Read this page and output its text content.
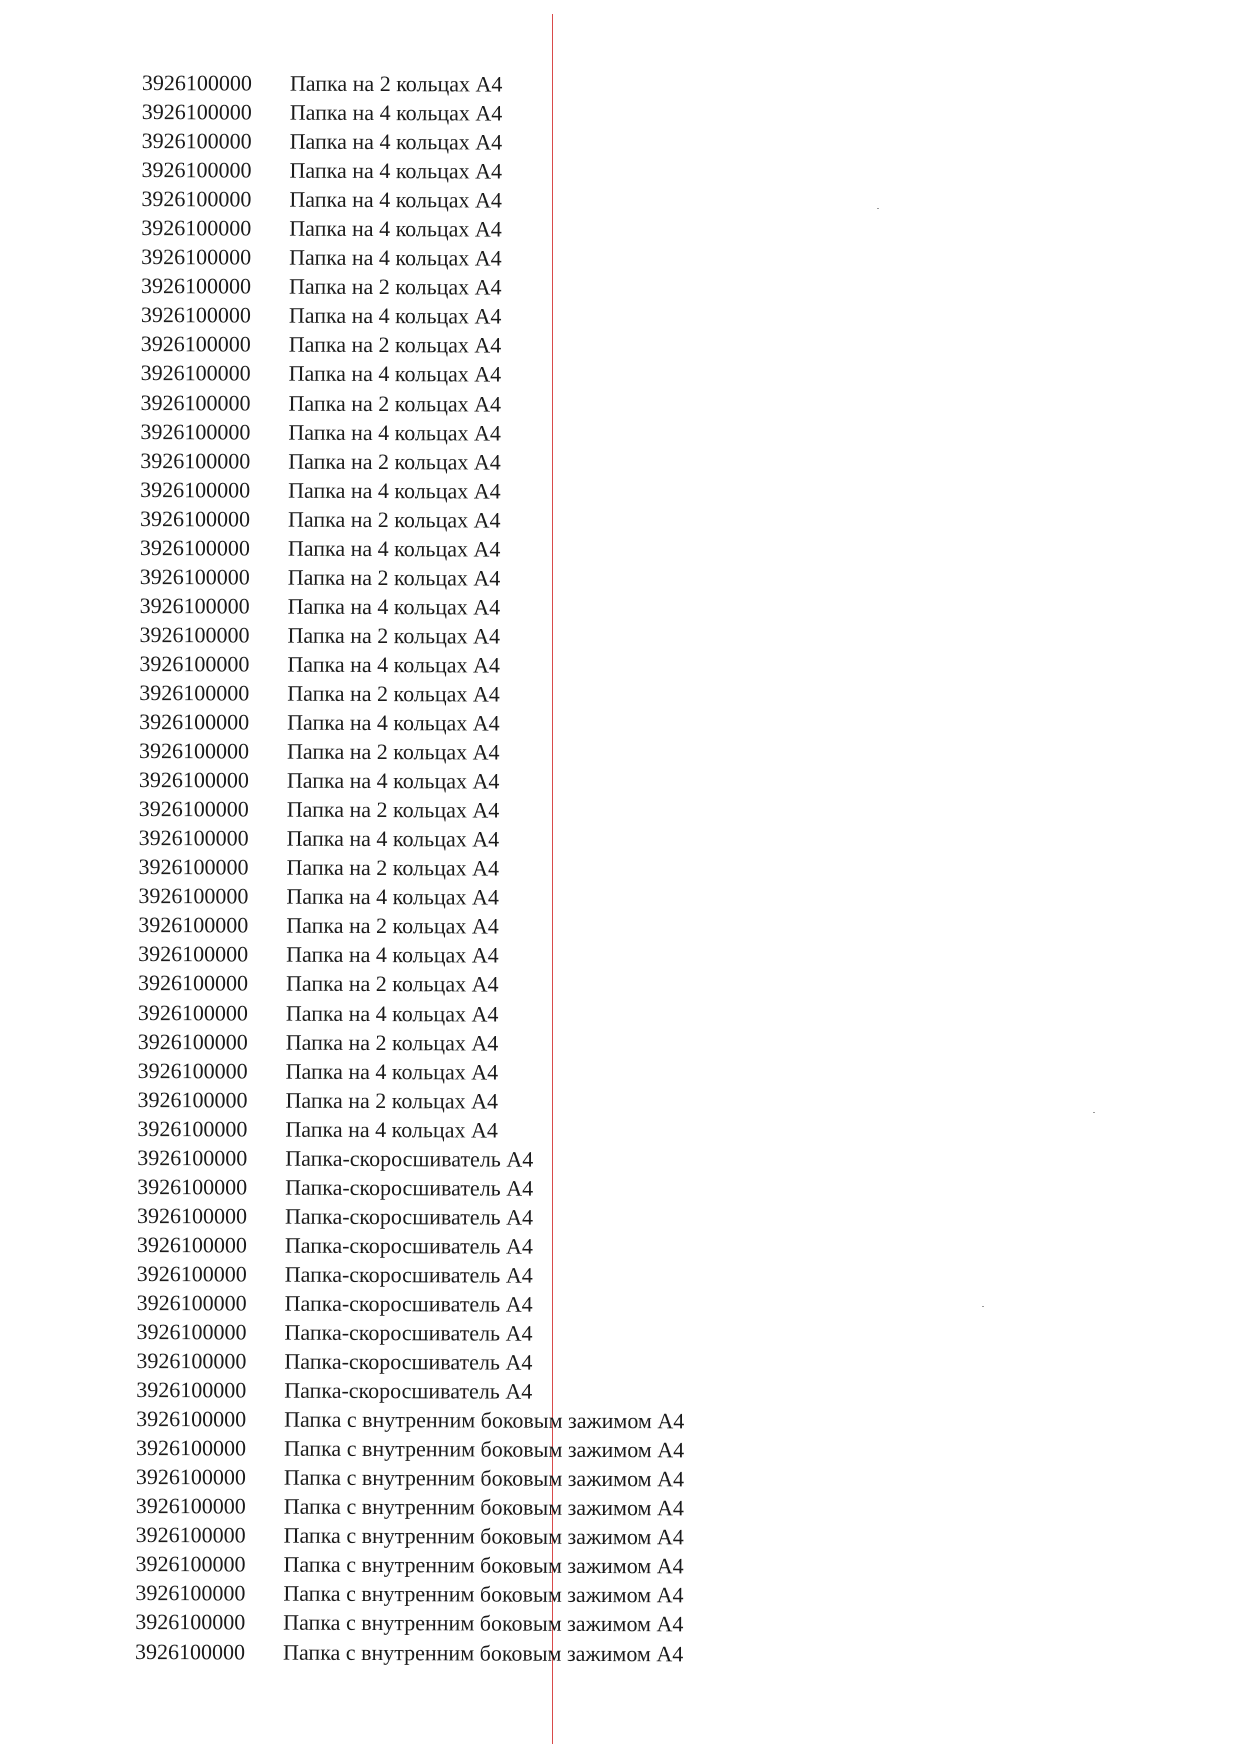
3926100000 Папка на 2 кольцах А4
3926100000 Папка на 4 кольцах А4
3926100000 Папка на 4 кольцах А4
3926100000 Папка на 4 кольцах А4
3926100000 Папка на 4 кольцах А4
3926100000 Папка на 4 кольцах А4
3926100000 Папка на 4 кольцах А4
3926100000 Папка на 2 кольцах А4
3926100000 Папка на 4 кольцах А4
3926100000 Папка на 2 кольцах А4
3926100000 Папка на 4 кольцах А4
3926100000 Папка на 2 кольцах А4
3926100000 Папка на 4 кольцах А4
3926100000 Папка на 2 кольцах А4
3926100000 Папка на 4 кольцах А4
3926100000 Папка на 2 кольцах А4
3926100000 Папка на 4 кольцах А4
3926100000 Папка на 2 кольцах А4
3926100000 Папка на 4 кольцах А4
3926100000 Папка на 2 кольцах А4
3926100000 Папка на 4 кольцах А4
3926100000 Папка на 2 кольцах А4
3926100000 Папка на 4 кольцах А4
3926100000 Папка на 2 кольцах А4
3926100000 Папка на 4 кольцах А4
3926100000 Папка на 2 кольцах А4
3926100000 Папка на 4 кольцах А4
3926100000 Папка на 2 кольцах А4
3926100000 Папка на 4 кольцах А4
3926100000 Папка на 2 кольцах А4
3926100000 Папка на 4 кольцах А4
3926100000 Папка на 2 кольцах А4
3926100000 Папка на 4 кольцах А4
3926100000 Папка на 2 кольцах А4
3926100000 Папка на 4 кольцах А4
3926100000 Папка на 2 кольцах А4
3926100000 Папка на 4 кольцах А4
3926100000 Папка-скоросшиватель А4
3926100000 Папка-скоросшиватель А4
3926100000 Папка-скоросшиватель А4
3926100000 Папка-скоросшиватель А4
3926100000 Папка-скоросшиватель А4
3926100000 Папка-скоросшиватель А4
3926100000 Папка-скоросшиватель А4
3926100000 Папка-скоросшиватель А4
3926100000 Папка-скоросшиватель А4
3926100000 Папка с внутренним боковым зажимом А4
3926100000 Папка с внутренним боковым зажимом А4
3926100000 Папка с внутренним боковым зажимом А4
3926100000 Папка с внутренним боковым зажимом А4
3926100000 Папка с внутренним боковым зажимом А4
3926100000 Папка с внутренним боковым зажимом А4
3926100000 Папка с внутренним боковым зажимом А4
3926100000 Папка с внутренним боковым зажимом А4
3926100000 Папка с внутренним боковым зажимом А4
